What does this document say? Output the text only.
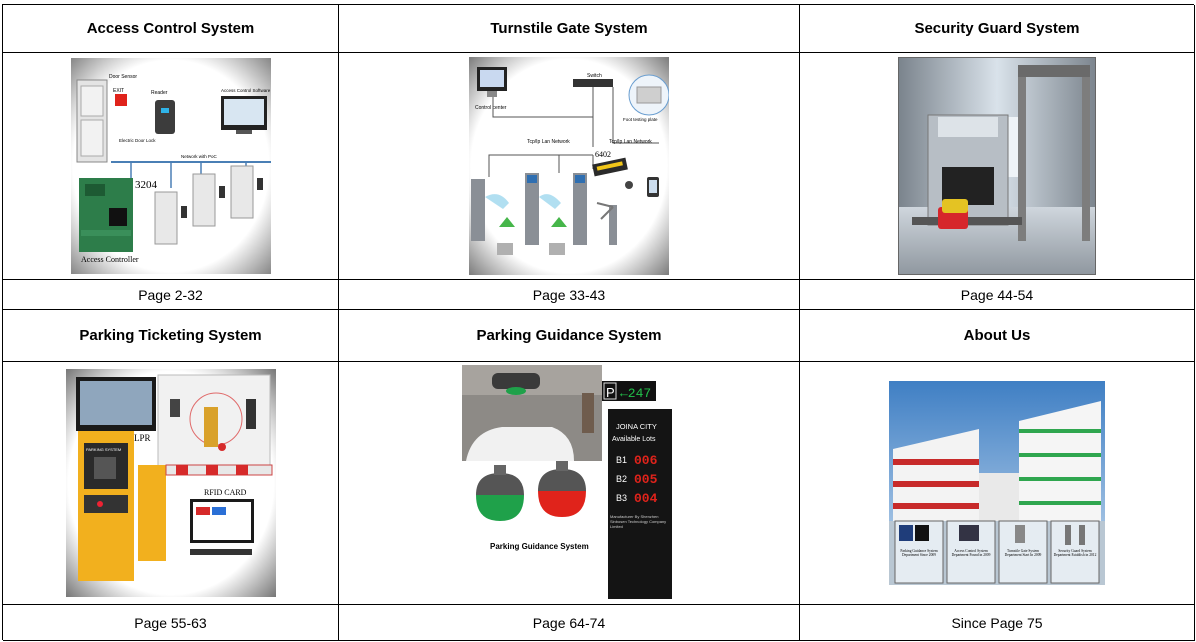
Access Control System	Turnstile Gate System	Security Guard System
Door Sensor
EXIT	Reader	Access Control Software
Electric Door Lock
Network with PoC
3204
Access Controller
Control center
Switch
Foot testing plate
Tcp/Ip Lan Network	Tcp/Ip Lan Network
6402
Page 2-32	Page 33-43	Page 44-54
Parking Ticketing System	Parking Guidance System	About Us
LPR
PARKING SYSTEM
RFID CARD
P ←247
JOINA CITY
Available Lots
B1 006
B2 005
B3 004
Manufacturer By Shenzhen Sinbosen Technology Company Limited
Parking Guidance System	Parking Guidance System Department Since 2009
Access Control System Department Found in 2009
Turnstile Gate System Department Start In 2009
Security Guard System Department Establish in 2012
Page 55-63	Page 64-74	Since Page 75
